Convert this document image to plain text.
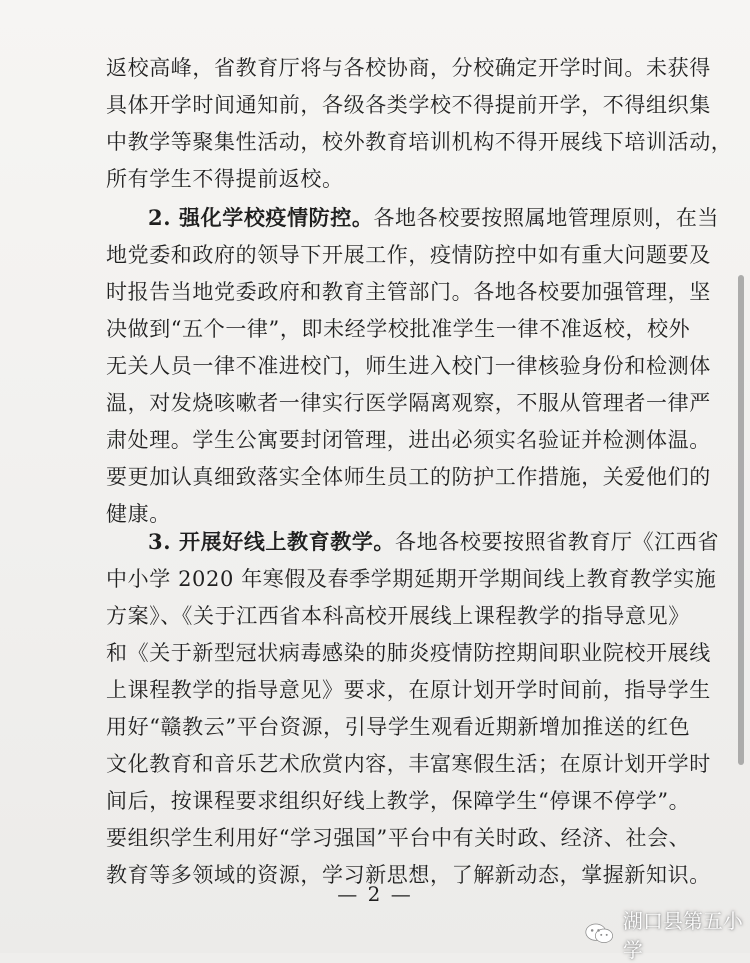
返校高峰，省教育厅将与各校协商，分校确定开学时间。未获得
具体开学时间通知前，各级各类学校不得提前开学，不得组织集
中教学等聚集性活动，校外教育培训机构不得开展线下培训活动，
所有学生不得提前返校。
2. 强化学校疫情防控。各地各校要按照属地管理原则，在当
地党委和政府的领导下开展工作，疫情防控中如有重大问题要及
时报告当地党委政府和教育主管部门。各地各校要加强管理，坚
决做到“五个一律”，即未经学校批准学生一律不准返校，校外
无关人员一律不准进校门，师生进入校门一律核验身份和检测体
温，对发烧咳嗽者一律实行医学隔离观察，不服从管理者一律严
肃处理。学生公寓要封闭管理，进出必须实名验证并检测体温。
要更加认真细致落实全体师生员工的防护工作措施，关爱他们的
健康。
3. 开展好线上教育教学。各地各校要按照省教育厅《江西省
中小学 2020 年寒假及春季学期延期开学期间线上教育教学实施
方案》、《关于江西省本科高校开展线上课程教学的指导意见》
和《关于新型冠状病毒感染的肺炎疫情防控期间职业院校开展线
上课程教学的指导意见》要求，在原计划开学时间前，指导学生
用好“赣教云”平台资源，引导学生观看近期新增加推送的红色
文化教育和音乐艺术欣赏内容，丰富寒假生活；在原计划开学时
间后，按课程要求组织好线上教学，保障学生“停课不停学”。
要组织学生利用好“学习强国”平台中有关时政、经济、社会、
教育等多领域的资源，学习新思想，了解新动态，掌握新知识。
— 2 —
湖口县第五小学
